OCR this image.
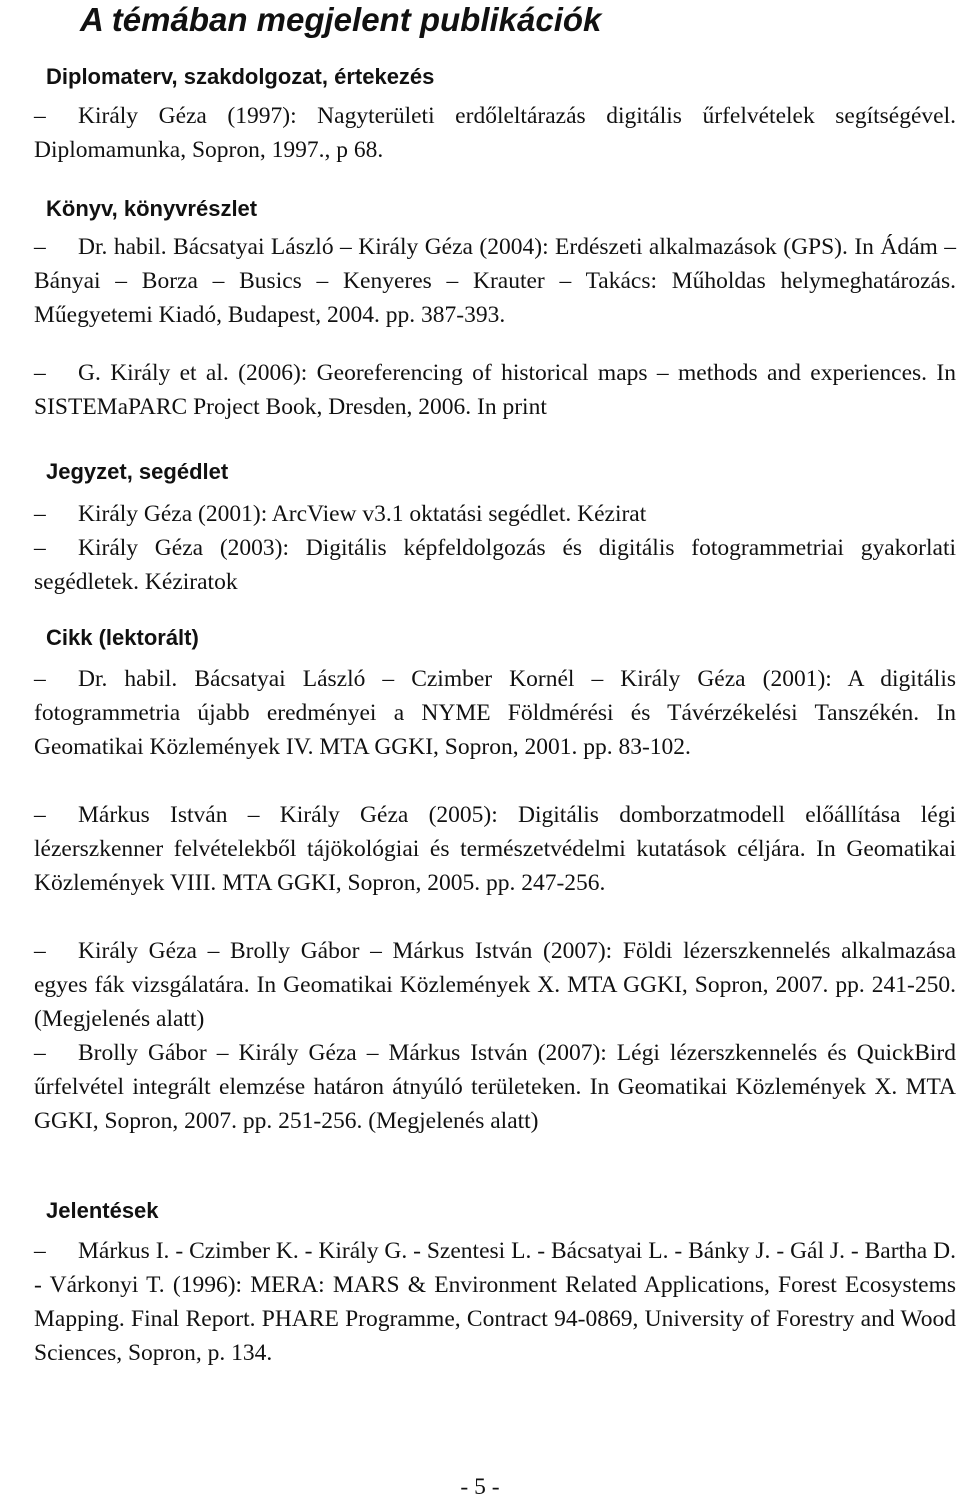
A témában megjelent publikációk
Diplomaterv, szakdolgozat, értekezés

– Király Géza (1997): Nagyterületi erdőleltárazás digitális űrfelvételek segítségével. Diplomamunka, Sopron, 1997., p 68.

Könyv, könyvrészlet

– Dr. habil. Bácsatyai László – Király Géza (2004): Erdészeti alkalmazások (GPS). In Ádám – Bányai – Borza – Busics – Kenyeres – Krauter – Takács: Műholdas helymeghatározás. Műegyetemi Kiadó, Budapest, 2004. pp. 387-393.

– G. Király et al. (2006): Georeferencing of historical maps – methods and experiences. In SISTEMaPARC Project Book, Dresden, 2006. In print

Jegyzet, segédlet

– Király Géza (2001): ArcView v3.1 oktatási segédlet. Kézirat

– Király Géza (2003): Digitális képfeldolgozás és digitális fotogrammetriai gyakorlati segédletek. Kéziratok

Cikk (lektorált)

– Dr. habil. Bácsatyai László – Czimber Kornél – Király Géza (2001): A digitális fotogrammetria újabb eredményei a NYME Földmérési és Távérzékelési Tanszékén. In Geomatikai Közlemények IV. MTA GGKI, Sopron, 2001. pp. 83-102.

– Márkus István – Király Géza (2005): Digitális domborzatmodell előállítása légi lézerszkenner felvételekből tájökológiai és természetvédelmi kutatások céljára. In Geomatikai Közlemények VIII. MTA GGKI, Sopron, 2005. pp. 247-256.

– Király Géza – Brolly Gábor – Márkus István (2007): Földi lézerszkennelés alkalmazása egyes fák vizsgálatára. In Geomatikai Közlemények X. MTA GGKI, Sopron, 2007. pp. 241-250. (Megjelenés alatt)

– Brolly Gábor – Király Géza – Márkus István (2007): Légi lézerszkennelés és QuickBird űrfelvétel integrált elemzése határon átnyúló területeken. In Geomatikai Közlemények X. MTA GGKI, Sopron, 2007. pp. 251-256. (Megjelenés alatt)

Jelentések

– Márkus I. - Czimber K. - Király G. - Szentesi L. - Bácsatyai L. - Bánky J. - Gál J. - Bartha D. - Várkonyi T. (1996): MERA: MARS & Environment Related Applications, Forest Ecosystems Mapping. Final Report. PHARE Programme, Contract 94-0869, University of Forestry and Wood Sciences, Sopron, p. 134.

- 5 -
